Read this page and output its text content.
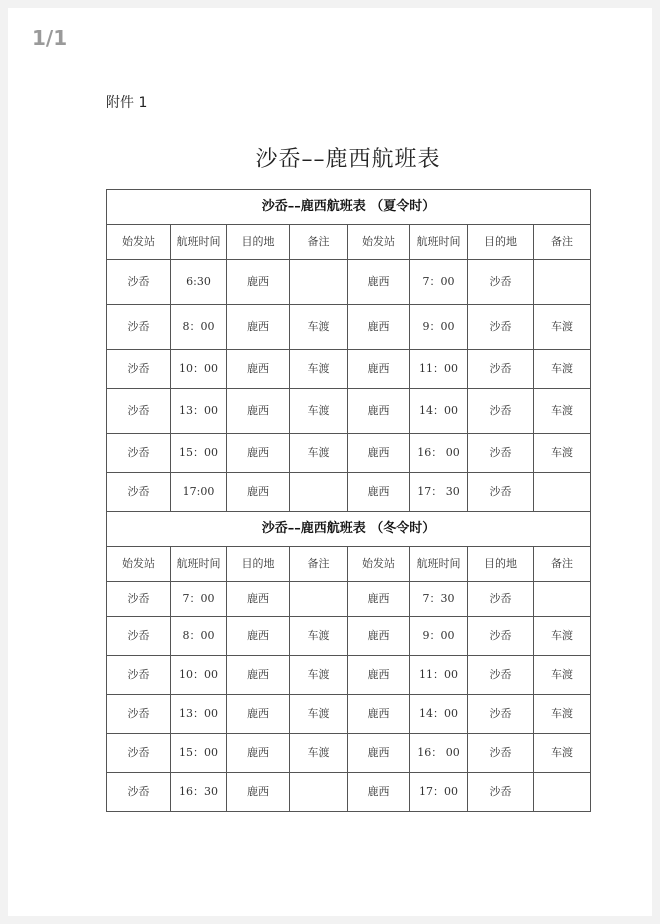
1/1
附件 1
沙岙––鹿西航班表
沙岙––鹿西航班表 （夏令时）							
始发站	航班时间	目的地	备注	始发站	航班时间	目的地	备注
沙岙	6:30	鹿西		鹿西	7：00	沙岙	
沙岙	8：00	鹿西	车渡	鹿西	9：00	沙岙	车渡
沙岙	10：00	鹿西	车渡	鹿西	11：00	沙岙	车渡
沙岙	13：00	鹿西	车渡	鹿西	14：00	沙岙	车渡
沙岙	15：00	鹿西	车渡	鹿西	16： 00	沙岙	车渡
沙岙	17:00	鹿西		鹿西	17： 30	沙岙	
沙岙––鹿西航班表 （冬令时）							
始发站	航班时间	目的地	备注	始发站	航班时间	目的地	备注
沙岙	7：00	鹿西		鹿西	7：30	沙岙	
沙岙	8：00	鹿西	车渡	鹿西	9：00	沙岙	车渡
沙岙	10：00	鹿西	车渡	鹿西	11：00	沙岙	车渡
沙岙	13：00	鹿西	车渡	鹿西	14：00	沙岙	车渡
沙岙	15：00	鹿西	车渡	鹿西	16： 00	沙岙	车渡
沙岙	16：30	鹿西		鹿西	17：00	沙岙	
